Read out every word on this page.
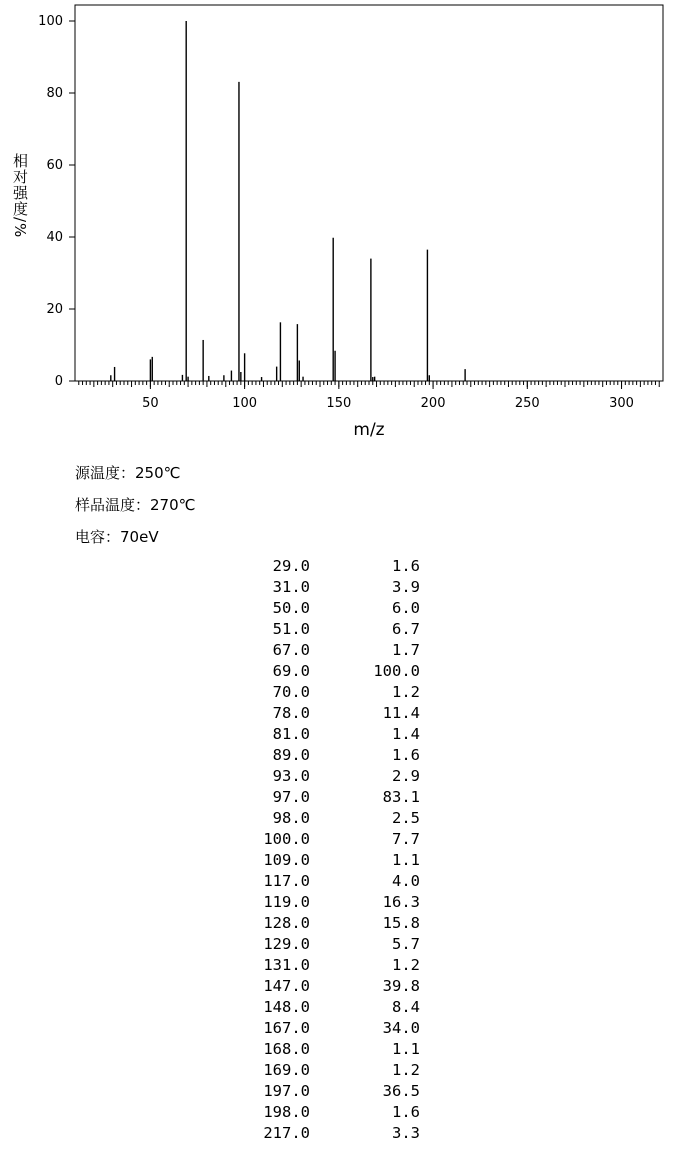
50	100	150	200	250	300
0
20
40
60
80
100
m/z
相对强度/%
源温度：250℃
样品温度：270℃
电容：70eV
29.0	1.6
31.0	3.9
50.0	6.0
51.0	6.7
67.0	1.7
69.0	100.0
70.0	1.2
78.0	11.4
81.0	1.4
89.0	1.6
93.0	2.9
97.0	83.1
98.0	2.5
100.0	7.7
109.0	1.1
117.0	4.0
119.0	16.3
128.0	15.8
129.0	5.7
131.0	1.2
147.0	39.8
148.0	8.4
167.0	34.0
168.0	1.1
169.0	1.2
197.0	36.5
198.0	1.6
217.0	3.3
